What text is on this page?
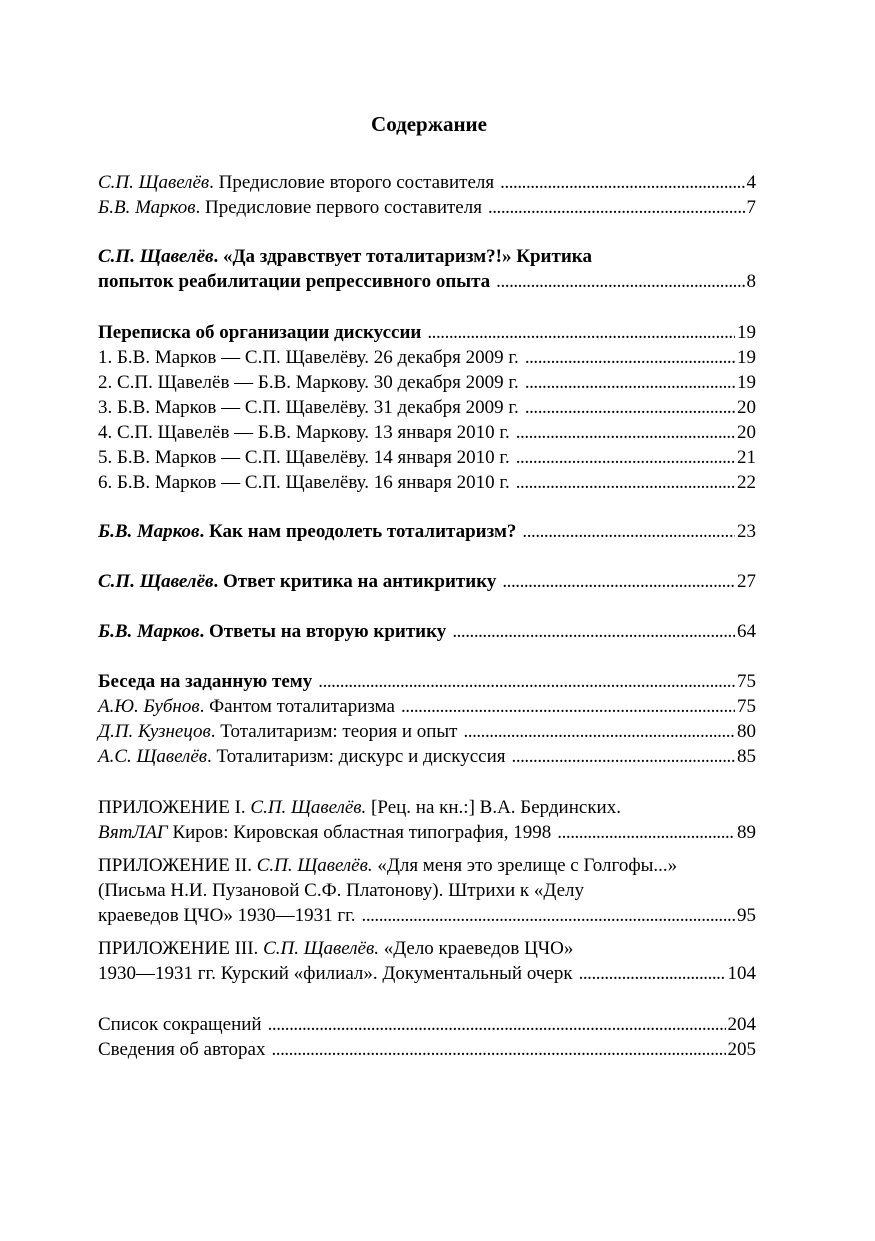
Содержание
С.П. Щавелёв. Предисловие второго составителя . . .	4
Б.В. Марков. Предисловие первого составителя . . .	7
С.П. Щавелёв. «Да здравствует тоталитаризм?!» Критика
попыток реабилитации репрессивного опыта . . .	8
Переписка об организации дискуссии . . .	19
1. Б.В. Марков — С.П. Щавелёву. 26 декабря 2009 г. . . .	19
2. С.П. Щавелёв — Б.В. Маркову. 30 декабря 2009 г. . . .	19
3. Б.В. Марков — С.П. Щавелёву. 31 декабря 2009 г. . . .	20
4. С.П. Щавелёв — Б.В. Маркову. 13 января 2010 г. . . .	20
5. Б.В. Марков — С.П. Щавелёву. 14 января 2010 г. . . .	21
6. Б.В. Марков — С.П. Щавелёву. 16 января 2010 г. . . .	22
Б.В. Марков. Как нам преодолеть тоталитаризм? . . .	23
С.П. Щавелёв. Ответ критика на антикритику . . .	27
Б.В. Марков. Ответы на вторую критику . . .	64
Беседа на заданную тему . . .	75
А.Ю. Бубнов. Фантом тоталитаризма . . .	75
Д.П. Кузнецов. Тоталитаризм: теория и опыт . . .	80
А.С. Щавелёв. Тоталитаризм: дискурс и дискуссия . . .	85
ПРИЛОЖЕНИЕ I. С.П. Щавелёв. [Рец. на кн.:] В.А. Бердинских.
ВятЛАГ Киров: Кировская областная типография, 1998 . . .	89
ПРИЛОЖЕНИЕ II. С.П. Щавелёв. «Для меня это зрелище с Голгофы...»
(Письма Н.И. Пузановой С.Ф. Платонову). Штрихи к «Делу
краеведов ЦЧО» 1930—1931 гг. . . .	95
ПРИЛОЖЕНИЕ III. С.П. Щавелёв. «Дело краеведов ЦЧО»
1930—1931 гг. Курский «филиал». Документальный очерк . . .	104
Список сокращений . . .	204
Сведения об авторах . . .	205
